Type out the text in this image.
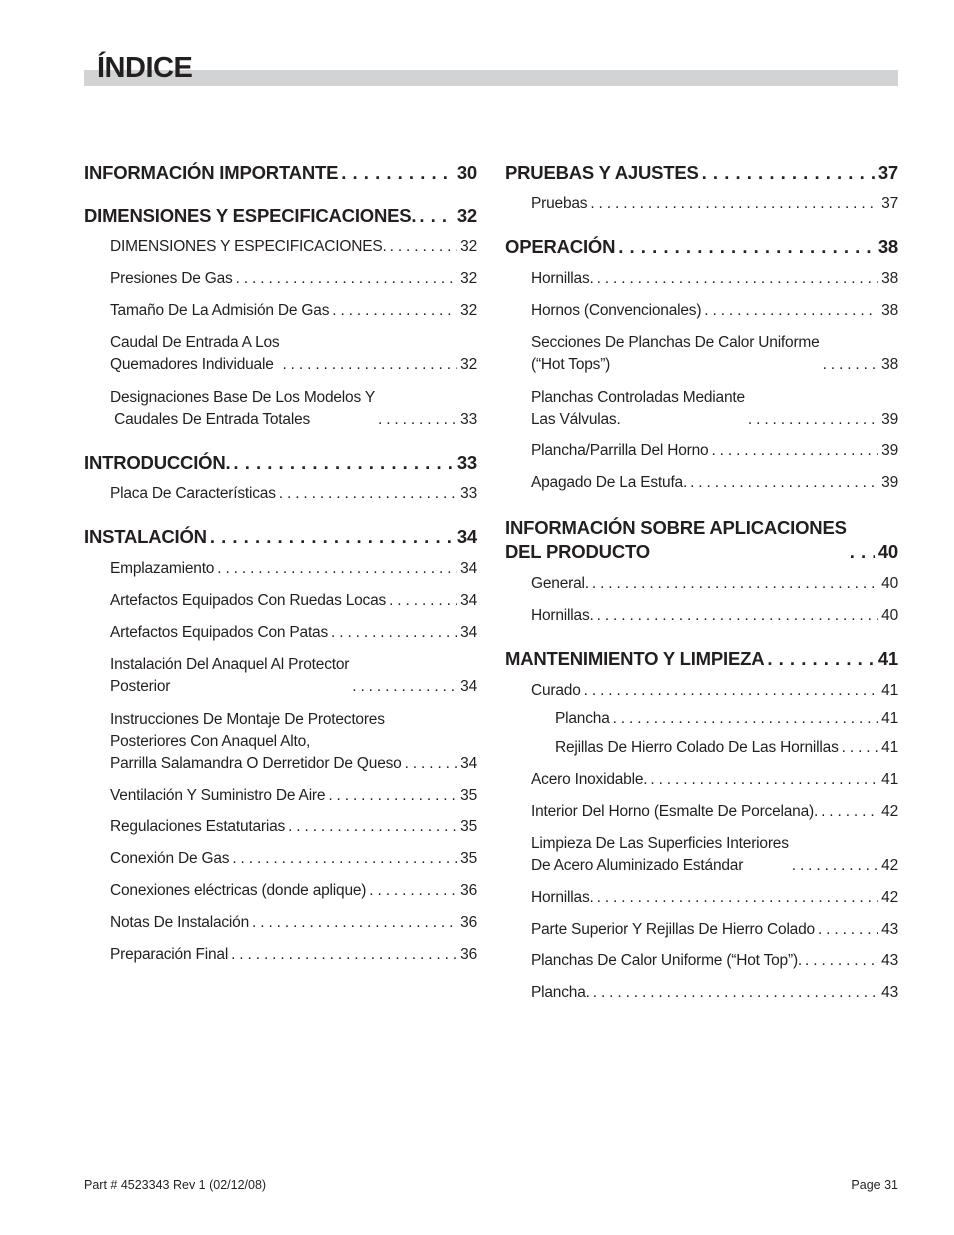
ÍNDICE
INFORMACIÓN IMPORTANTE . . .	30
DIMENSIONES Y ESPECIFICACIONES. . . . 32
DIMENSIONES Y ESPECIFICACIONES. . . .	32
Presiones De Gas . . .	32
Tamaño De La Admisión De Gas . . .	32
Caudal De Entrada A Los
Quemadores Individuale . . .	32
Designaciones Base De Los Modelos Y
Caudales De Entrada Totales . . .	33
INTRODUCCIÓN. . . .	33
Placa De Características . . .	33
INSTALACIÓN . . .	34
Emplazamiento . . .	34
Artefactos Equipados Con Ruedas Locas . . .	34
Artefactos Equipados Con Patas . . .	34
Instalación Del Anaquel Al Protector
Posterior . . .	34
Instrucciones De Montaje De Protectores
Posteriores Con Anaquel Alto,
Parrilla Salamandra O Derretidor De Queso . . .	34
Ventilación Y Suministro De Aire . . .	35
Regulaciones Estatutarias . . .	35
Conexión De Gas . . .	35
Conexiones eléctricas (donde aplique) . . .	36
Notas De Instalación . . .	36
Preparación Final . . .	36
PRUEBAS Y AJUSTES . . .	37
Pruebas . . .	37
OPERACIÓN . . .	38
Hornillas. . . .	38
Hornos (Convencionales) . . .	38
Secciones De Planchas De Calor Uniforme
(“Hot Tops”) . . .	38
Planchas Controladas Mediante
Las Válvulas. . . .	39
Plancha/Parrilla Del Horno . . .	39
Apagado De La Estufa. . . .	39
INFORMACIÓN SOBRE APLICACIONES
DEL PRODUCTO . . .	40
General. . . .	40
Hornillas. . . .	40
MANTENIMIENTO Y LIMPIEZA . . .	41
Curado . . .	41
Plancha . . .	41
Rejillas De Hierro Colado De Las Hornillas . . .	41
Acero Inoxidable. . . .	41
Interior Del Horno (Esmalte De Porcelana). . . .	42
Limpieza De Las Superficies Interiores
De Acero Aluminizado Estándar . . .	42
Hornillas. . . .	42
Parte Superior Y Rejillas De Hierro Colado . . .	43
Planchas De Calor Uniforme (“Hot Top”). . . .	43
Plancha. . . .	43
Part # 4523343 Rev 1 (02/12/08)	Page 31
